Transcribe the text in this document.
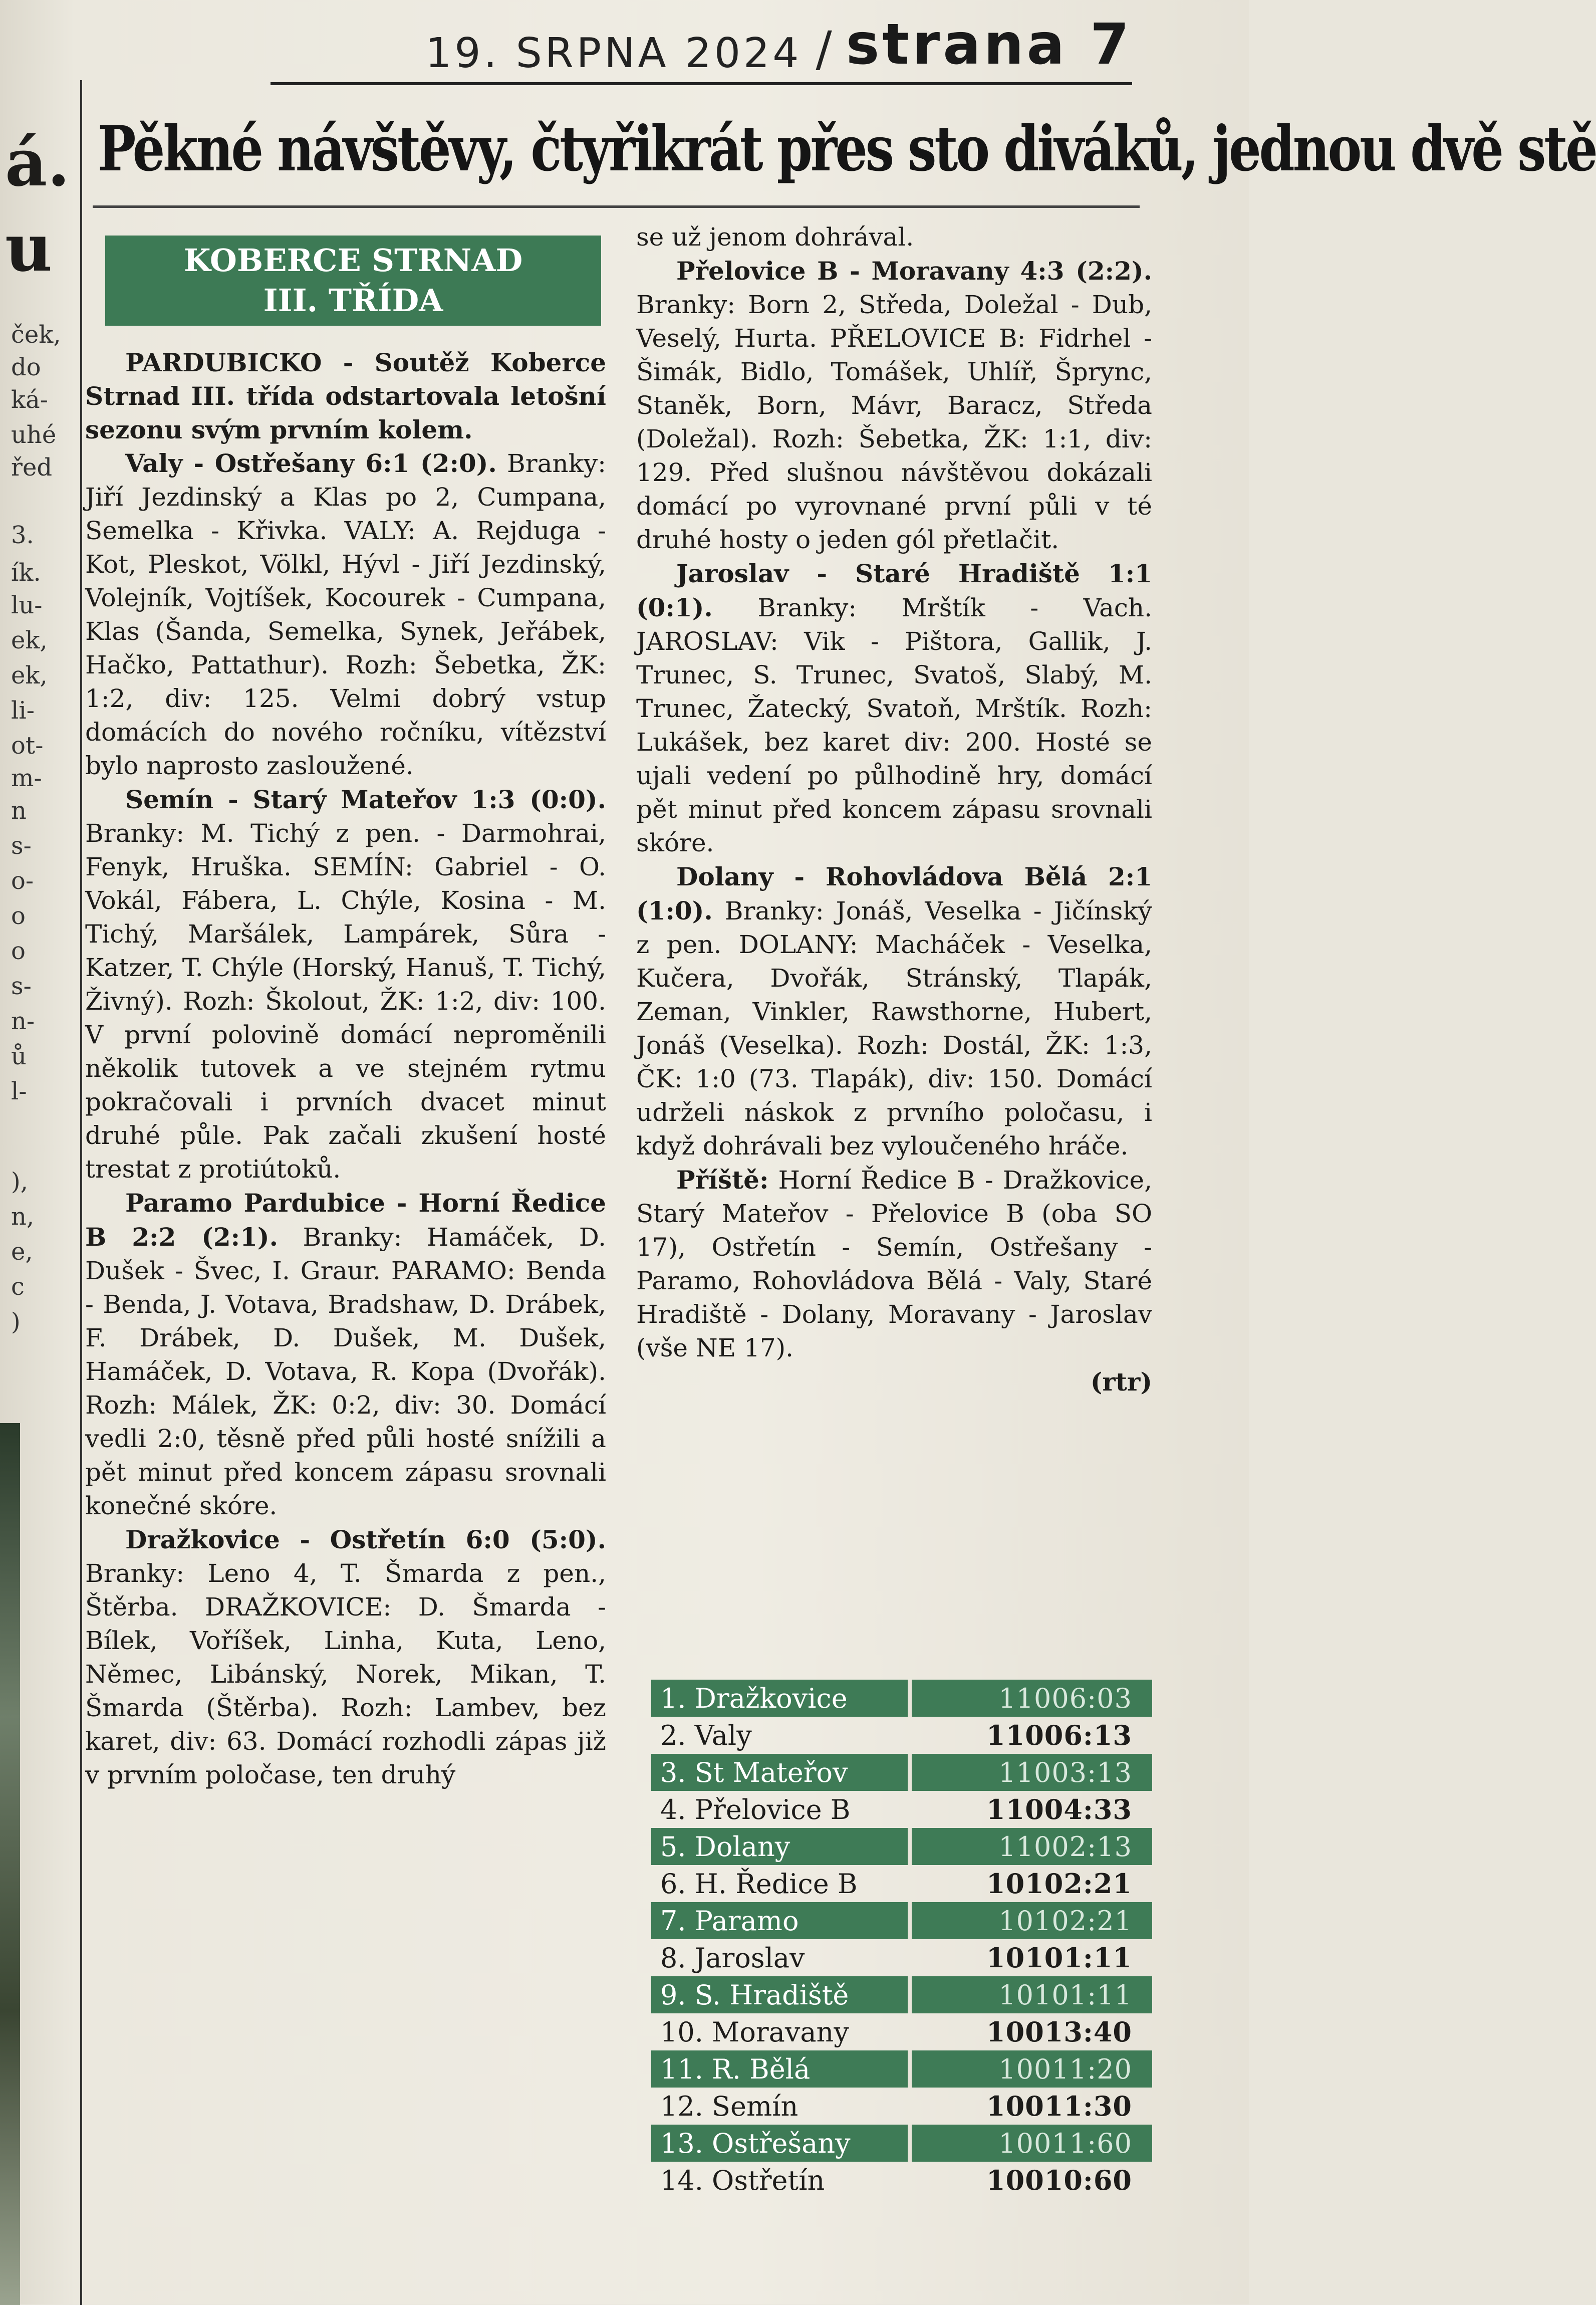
19. SRPNA 2024 / strana 7
á.
u
ček,
do
ká-
uhé
řed
3.
ík.
lu-
ek,
ek,
li-
ot-
m-
n
s-
o-
o
o
s-
n-
ů
l-
),
n,
e,
c
)
Pěkné návštěvy, čtyřikrát přes sto diváků, jednou dvě stě
KOBERCE STRNAD
III. TŘÍDA

PARDUBICKO - Soutěž Koberce Strnad III. třída odstartovala letošní sezonu svým prvním kolem.

Valy - Ostřešany 6:1 (2:0). Branky: Jiří Jezdinský a Klas po 2, Cumpana, Semelka - Křivka. VALY: A. Rejduga - Kot, Pleskot, Völkl, Hývl - Jiří Jezdinský, Volejník, Vojtíšek, Kocourek - Cumpana, Klas (Šanda, Semelka, Synek, Jeřábek, Hačko, Pattathur). Rozh: Šebetka, ŽK: 1:2, div: 125. Velmi dobrý vstup domácích do nového ročníku, vítězství bylo naprosto zasloužené.

Semín - Starý Mateřov 1:3 (0:0). Branky: M. Tichý z pen. - Darmohrai, Fenyk, Hruška. SEMÍN: Gabriel - O. Vokál, Fábera, L. Chýle, Kosina - M. Tichý, Maršálek, Lampárek, Sůra - Katzer, T. Chýle (Horský, Hanuš, T. Tichý, Živný). Rozh: Školout, ŽK: 1:2, div: 100. V první polovině domácí neproměnili několik tutovek a ve stejném rytmu pokračovali i prvních dvacet minut druhé půle. Pak začali zkušení hosté trestat z protiútoků.

Paramo Pardubice - Horní Ředice B 2:2 (2:1). Branky: Hamáček, D. Dušek - Švec, I. Graur. PARAMO: Benda - Benda, J. Votava, Bradshaw, D. Drábek, F. Drábek, D. Dušek, M. Dušek, Hamáček, D. Votava, R. Kopa (Dvořák). Rozh: Málek, ŽK: 0:2, div: 30. Domácí vedli 2:0, těsně před půli hosté snížili a pět minut před koncem zápasu srovnali konečné skóre.

Dražkovice - Ostřetín 6:0 (5:0). Branky: Leno 4, T. Šmarda z pen., Štěrba. DRAŽKOVICE: D. Šmarda - Bílek, Voříšek, Linha, Kuta, Leno, Němec, Libánský, Norek, Mikan, T. Šmarda (Štěrba). Rozh: Lambev, bez karet, div: 63. Domácí rozhodli zápas již v prvním poločase, ten druhý

se už jenom dohrával.

Přelovice B - Moravany 4:3 (2:2). Branky: Born 2, Středa, Doležal - Dub, Veselý, Hurta. PŘELOVICE B: Fidrhel - Šimák, Bidlo, Tomášek, Uhlíř, Šprync, Staněk, Born, Mávr, Baracz, Středa (Doležal). Rozh: Šebetka, ŽK: 1:1, div: 129. Před slušnou návštěvou dokázali domácí po vyrovnané první půli v té druhé hosty o jeden gól přetlačit.

Jaroslav - Staré Hradiště 1:1 (0:1). Branky: Mrštík - Vach. JAROSLAV: Vik - Pištora, Gallik, J. Trunec, S. Trunec, Svatoš, Slabý, M. Trunec, Žatecký, Svatoň, Mrštík. Rozh: Lukášek, bez karet div: 200. Hosté se ujali vedení po půlhodině hry, domácí pět minut před koncem zápasu srovnali skóre.

Dolany - Rohovládova Bělá 2:1 (1:0). Branky: Jonáš, Veselka - Jičínský z pen. DOLANY: Macháček - Veselka, Kučera, Dvořák, Stránský, Tlapák, Zeman, Vinkler, Rawsthorne, Hubert, Jonáš (Veselka). Rozh: Dostál, ŽK: 1:3, ČK: 1:0 (73. Tlapák), div: 150. Domácí udrželi náskok z prvního poločasu, i když dohrávali bez vyloučeného hráče.

Příště: Horní Ředice B - Dražkovice, Starý Mateřov - Přelovice B (oba SO 17), Ostřetín - Semín, Ostřešany - Paramo, Rohovládova Bělá - Valy, Staré Hradiště - Dolany, Moravany - Jaroslav (vše NE 17).

(rtr)

1. Dražkovice	11006:03
2. Valy	11006:13
3. St Mateřov	11003:13
4. Přelovice B	11004:33
5. Dolany	11002:13
6. H. Ředice B	10102:21
7. Paramo	10102:21
8. Jaroslav	10101:11
9. S. Hradiště	10101:11
10. Moravany	10013:40
11. R. Bělá	10011:20
12. Semín	10011:30
13. Ostřešany	10011:60
14. Ostřetín	10010:60
